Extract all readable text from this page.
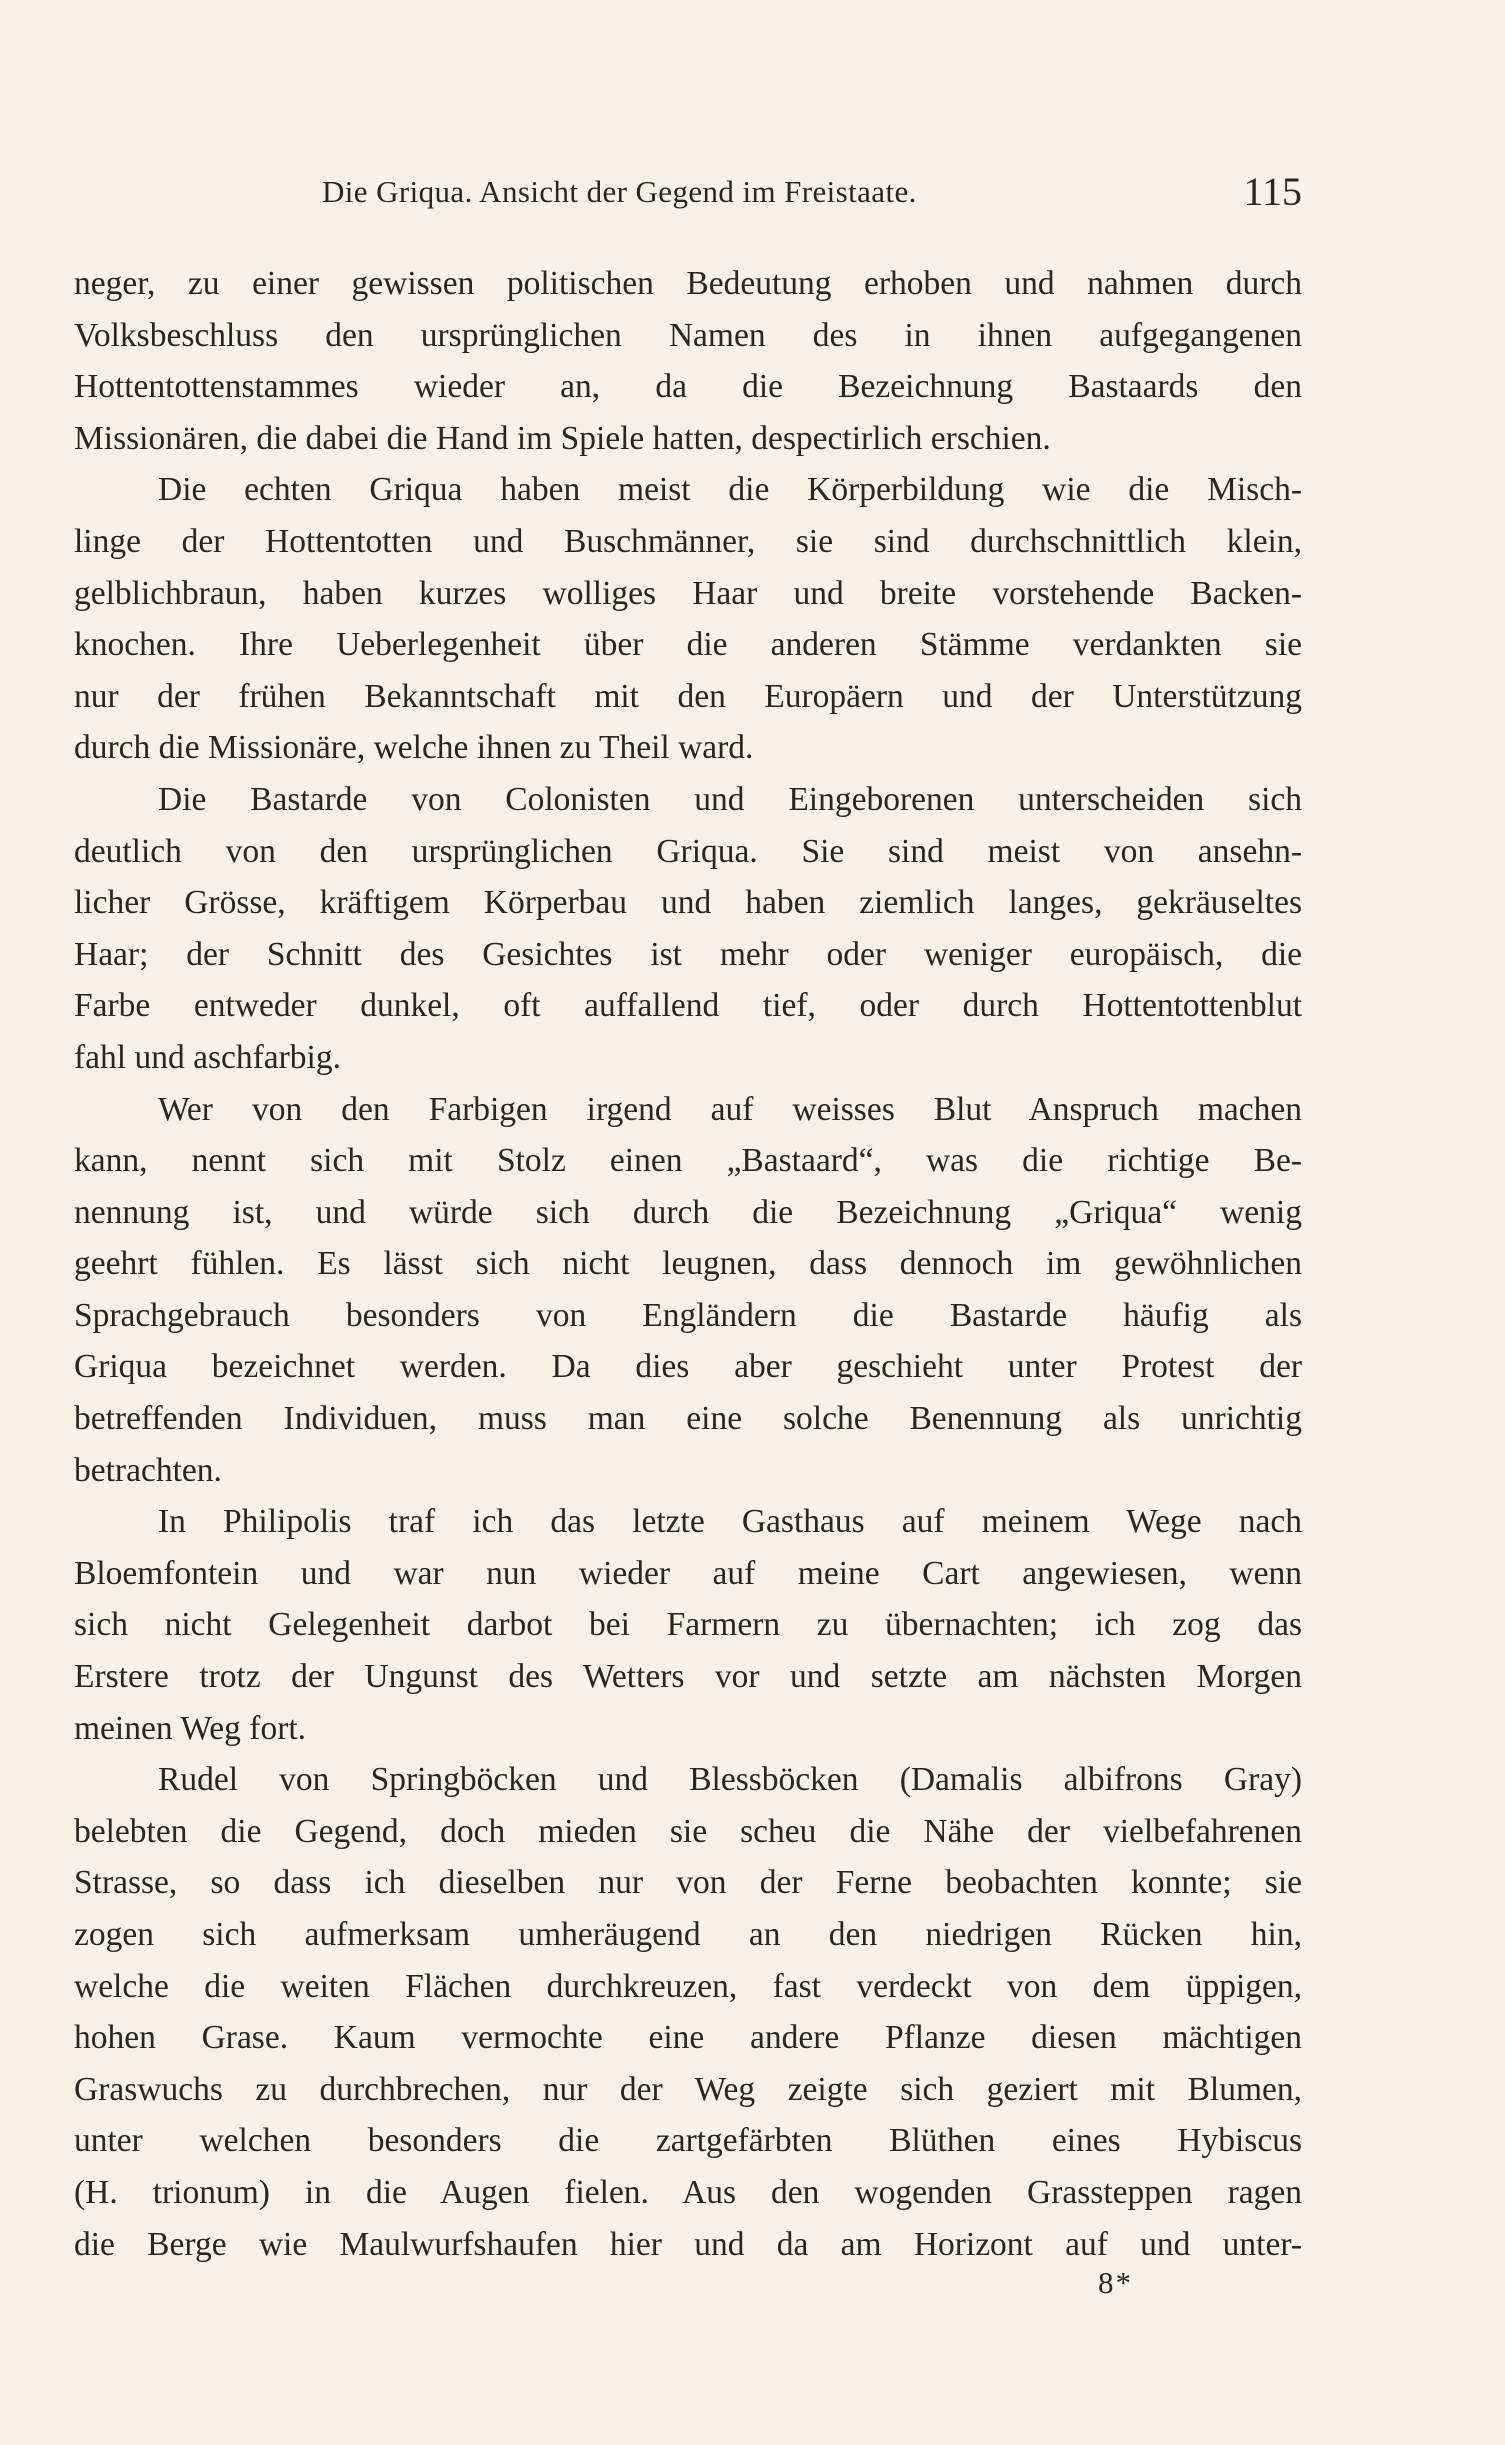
Die Griqua. Ansicht der Gegend im Freistaate.	115
neger, zu einer gewissen politischen Bedeutung erhoben und nahmen durch
Volksbeschluss den ursprünglichen Namen des in ihnen aufgegangenen
Hottentottenstammes wieder an, da die Bezeichnung Bastaards den
Missionären, die dabei die Hand im Spiele hatten, despectirlich erschien.
Die echten Griqua haben meist die Körperbildung wie die Misch-
linge der Hottentotten und Buschmänner, sie sind durchschnittlich klein,
gelblichbraun, haben kurzes wolliges Haar und breite vorstehende Backen-
knochen. Ihre Ueberlegenheit über die anderen Stämme verdankten sie
nur der frühen Bekanntschaft mit den Europäern und der Unterstützung
durch die Missionäre, welche ihnen zu Theil ward.
Die Bastarde von Colonisten und Eingeborenen unterscheiden sich
deutlich von den ursprünglichen Griqua. Sie sind meist von ansehn-
licher Grösse, kräftigem Körperbau und haben ziemlich langes, gekräuseltes
Haar; der Schnitt des Gesichtes ist mehr oder weniger europäisch, die
Farbe entweder dunkel, oft auffallend tief, oder durch Hottentottenblut
fahl und aschfarbig.
Wer von den Farbigen irgend auf weisses Blut Anspruch machen
kann, nennt sich mit Stolz einen „Bastaard“, was die richtige Be-
nennung ist, und würde sich durch die Bezeichnung „Griqua“ wenig
geehrt fühlen. Es lässt sich nicht leugnen, dass dennoch im gewöhnlichen
Sprachgebrauch besonders von Engländern die Bastarde häufig als
Griqua bezeichnet werden. Da dies aber geschieht unter Protest der
betreffenden Individuen, muss man eine solche Benennung als unrichtig
betrachten.
In Philipolis traf ich das letzte Gasthaus auf meinem Wege nach
Bloemfontein und war nun wieder auf meine Cart angewiesen, wenn
sich nicht Gelegenheit darbot bei Farmern zu übernachten; ich zog das
Erstere trotz der Ungunst des Wetters vor und setzte am nächsten Morgen
meinen Weg fort.
Rudel von Springböcken und Blessböcken (Damalis albifrons Gray)
belebten die Gegend, doch mieden sie scheu die Nähe der vielbefahrenen
Strasse, so dass ich dieselben nur von der Ferne beobachten konnte; sie
zogen sich aufmerksam umheräugend an den niedrigen Rücken hin,
welche die weiten Flächen durchkreuzen, fast verdeckt von dem üppigen,
hohen Grase. Kaum vermochte eine andere Pflanze diesen mächtigen
Graswuchs zu durchbrechen, nur der Weg zeigte sich geziert mit Blumen,
unter welchen besonders die zartgefärbten Blüthen eines Hybiscus
(H. trionum) in die Augen fielen. Aus den wogenden Grassteppen ragen
die Berge wie Maulwurfshaufen hier und da am Horizont auf und unter-
8*
